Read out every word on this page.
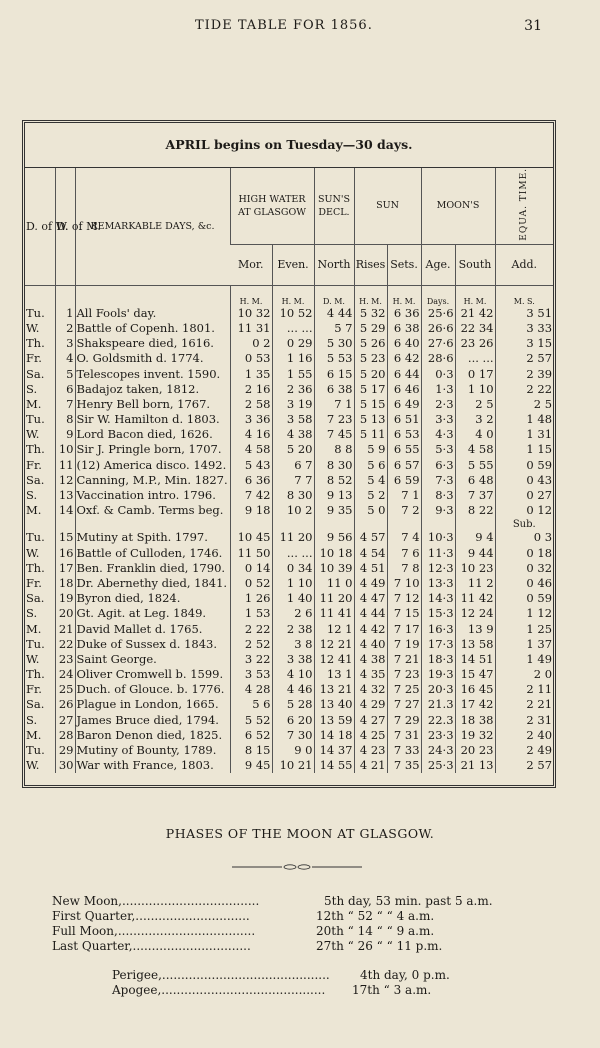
TIDE TABLE FOR 1856.	31
APRIL begins on Tuesday—30 days.
D. of W.	D. of M.	REMARKABLE DAYS, &c.	HIGH WATER AT GLASGOW		SUN'S DECL.	SUN		MOON'S		EQUA. TIME.
			Mor.	Even.	North	Rises	Sets.	Age.	South	Add.
			H. M.	H. M.	D. M.	H. M.	H. M.	Days.	H. M.	M. S.
Tu.	1	All Fools' day.	10 32	10 52	4 44	5 32	6 36	25·6	21 42	3 51
W.	2	Battle of Copenh. 1801.	11 31	... ...	5 7	5 29	6 38	26·6	22 34	3 33
Th.	3	Shakspeare died, 1616.	0 2	0 29	5 30	5 26	6 40	27·6	23 26	3 15
Fr.	4	O. Goldsmith d. 1774.	0 53	1 16	5 53	5 23	6 42	28·6	... ...	2 57
Sa.	5	Telescopes invent. 1590.	1 35	1 55	6 15	5 20	6 44	0·3	0 17	2 39
S.	6	Badajoz taken, 1812.	2 16	2 36	6 38	5 17	6 46	1·3	1 10	2 22
M.	7	Henry Bell born, 1767.	2 58	3 19	7 1	5 15	6 49	2·3	2 5	2 5
Tu.	8	Sir W. Hamilton d. 1803.	3 36	3 58	7 23	5 13	6 51	3·3	3 2	1 48
W.	9	Lord Bacon died, 1626.	4 16	4 38	7 45	5 11	6 53	4·3	4 0	1 31
Th.	10	Sir J. Pringle born, 1707.	4 58	5 20	8 8	5 9	6 55	5·3	4 58	1 15
Fr.	11	(12) America disco. 1492.	5 43	6 7	8 30	5 6	6 57	6·3	5 55	0 59
Sa.	12	Canning, M.P., Min. 1827.	6 36	7 7	8 52	5 4	6 59	7·3	6 48	0 43
S.	13	Vaccination intro. 1796.	7 42	8 30	9 13	5 2	7 1	8·3	7 37	0 27
M.	14	Oxf. & Camb. Terms beg.	9 18	10 2	9 35	5 0	7 2	9·3	8 22	0 12
										Sub.
Tu.	15	Mutiny at Spith. 1797.	10 45	11 20	9 56	4 57	7 4	10·3	9 4	0 3
W.	16	Battle of Culloden, 1746.	11 50	... ...	10 18	4 54	7 6	11·3	9 44	0 18
Th.	17	Ben. Franklin died, 1790.	0 14	0 34	10 39	4 51	7 8	12·3	10 23	0 32
Fr.	18	Dr. Abernethy died, 1841.	0 52	1 10	11 0	4 49	7 10	13·3	11 2	0 46
Sa.	19	Byron died, 1824.	1 26	1 40	11 20	4 47	7 12	14·3	11 42	0 59
S.	20	Gt. Agit. at Leg. 1849.	1 53	2 6	11 41	4 44	7 15	15·3	12 24	1 12
M.	21	David Mallet d. 1765.	2 22	2 38	12 1	4 42	7 17	16·3	13 9	1 25
Tu.	22	Duke of Sussex d. 1843.	2 52	3 8	12 21	4 40	7 19	17·3	13 58	1 37
W.	23	Saint George.	3 22	3 38	12 41	4 38	7 21	18·3	14 51	1 49
Th.	24	Oliver Cromwell b. 1599.	3 53	4 10	13 1	4 35	7 23	19·3	15 47	2 0
Fr.	25	Duch. of Glouce. b. 1776.	4 28	4 46	13 21	4 32	7 25	20·3	16 45	2 11
Sa.	26	Plague in London, 1665.	5 6	5 28	13 40	4 29	7 27	21.3	17 42	2 21
S.	27	James Bruce died, 1794.	5 52	6 20	13 59	4 27	7 29	22.3	18 38	2 31
M.	28	Baron Denon died, 1825.	6 52	7 30	14 18	4 25	7 31	23·3	19 32	2 40
Tu.	29	Mutiny of Bounty, 1789.	8 15	9 0	14 37	4 23	7 33	24·3	20 23	2 49
W.	30	War with France, 1803.	9 45	10 21	14 55	4 21	7 35	25·3	21 13	2 57
PHASES OF THE MOON AT GLASGOW.
New Moon,....................................	5th day, 53 min. past 5 a.m.
First Quarter,..............................	12th “ 52 “ “ 4 a.m.
Full Moon,....................................	20th “ 14 “ “ 9 a.m.
Last Quarter,...............................	27th “ 26 “ “ 11 p.m.
Perigee,............................................	4th day, 0 p.m.
Apogee,........................................... 17th “ 3 a.m.
